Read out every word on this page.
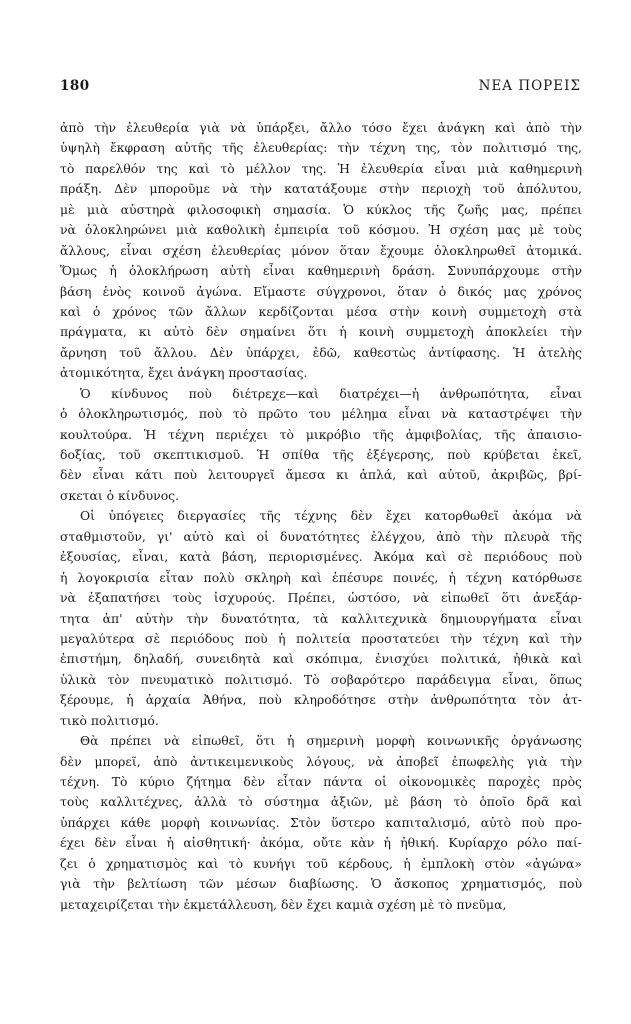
180	ΝΕΑ ΠΟΡΕΙΣ
ἀπὸ τὴν ἐλευθερία γιὰ νὰ ὑπάρξει, ἄλλο τόσο ἔχει ἀνάγκη καὶ ἀπὸ τὴν
ὑψηλὴ ἔκφραση αὐτῆς τῆς ἐλευθερίας: τὴν τέχνη της, τὸν πολιτισμό της,
τὸ παρελθόν της καὶ τὸ μέλλον της. Ἡ ἐλευθερία εἶναι μιὰ καθημερινὴ
πράξη. Δὲν μποροῦμε νὰ τὴν κατατάξουμε στὴν περιοχὴ τοῦ ἀπόλυτου,
μὲ μιὰ αὐστηρὰ φιλοσοφικὴ σημασία. Ὁ κύκλος τῆς ζωῆς μας, πρέπει
νὰ ὁλοκληρώνει μιὰ καθολικὴ ἐμπειρία τοῦ κόσμου. Ἡ σχέση μας μὲ τοὺς
ἄλλους, εἶναι σχέση ἐλευθερίας μόνον ὅταν ἔχουμε ὁλοκληρωθεῖ ἀτομικά.
Ὅμως ἡ ὁλοκλήρωση αὐτὴ εἶναι καθημερινὴ δράση. Συνυπάρχουμε στὴν
βάση ἑνὸς κοινοῦ ἀγώνα. Εἴμαστε σύγχρονοι, ὅταν ὁ δικός μας χρόνος
καὶ ὁ χρόνος τῶν ἄλλων κερδίζονται μέσα στὴν κοινὴ συμμετοχὴ στὰ
πράγματα, κι αὐτὸ δὲν σημαίνει ὅτι ἡ κοινὴ συμμετοχὴ ἀποκλείει τὴν
ἄρνηση τοῦ ἄλλου. Δὲν ὑπάρχει, ἐδῶ, καθεστὼς ἀντίφασης. Ἡ ἀτελὴς
ἀτομικότητα, ἔχει ἀνάγκη προστασίας.
Ὁ κίνδυνος ποὺ διέτρεχε—καὶ διατρέχει—ἡ ἀνθρωπότητα, εἶναι
ὁ ὁλοκληρωτισμός, ποὺ τὸ πρῶτο του μέλημα εἶναι νὰ καταστρέψει τὴν
κουλτούρα. Ἡ τέχνη περιέχει τὸ μικρόβιο τῆς ἀμφιβολίας, τῆς ἀπαισιο-
δοξίας, τοῦ σκεπτικισμοῦ. Ἡ σπίθα τῆς ἐξέγερσης, ποὺ κρύβεται ἐκεῖ,
δὲν εἶναι κάτι ποὺ λειτουργεῖ ἄμεσα κι ἁπλά, καὶ αὐτοῦ, ἀκριβῶς, βρί-
σκεται ὁ κίνδυνος.
Οἱ ὑπόγειες διεργασίες τῆς τέχνης δὲν ἔχει κατορθωθεῖ ἀκόμα νὰ
σταθμιστοῦν, γι' αὐτὸ καὶ οἱ δυνατότητες ἐλέγχου, ἀπὸ τὴν πλευρὰ τῆς
ἐξουσίας, εἶναι, κατὰ βάση, περιορισμένες. Ἀκόμα καὶ σὲ περιόδους ποὺ
ἡ λογοκρισία εἶταν πολὺ σκληρὴ καὶ ἐπέσυρε ποινές, ἡ τέχνη κατόρθωσε
νὰ ἐξαπατήσει τοὺς ἰσχυρούς. Πρέπει, ὡστόσο, νὰ εἰπωθεῖ ὅτι ἀνεξάρ-
τητα ἀπ' αὐτὴν τὴν δυνατότητα, τὰ καλλιτεχνικὰ δημιουργήματα εἶναι
μεγαλύτερα σὲ περιόδους ποὺ ἡ πολιτεία προστατεύει τὴν τέχνη καὶ τὴν
ἐπιστήμη, δηλαδή, συνειδητὰ καὶ σκόπιμα, ἐνισχύει πολιτικά, ἠθικὰ καὶ
ὑλικὰ τὸν πνευματικὸ πολιτισμό. Τὸ σοβαρότερο παράδειγμα εἶναι, ὅπως
ξέρουμε, ἡ ἀρχαία Ἀθήνα, ποὺ κληροδότησε στὴν ἀνθρωπότητα τὸν ἀτ-
τικὸ πολιτισμό.
Θὰ πρέπει νὰ εἰπωθεῖ, ὅτι ἡ σημερινὴ μορφὴ κοινωνικῆς ὀργάνωσης
δὲν μπορεῖ, ἀπὸ ἀντικειμενικοὺς λόγους, νὰ ἀποβεῖ ἐπωφελὴς γιὰ τὴν
τέχνη. Τὸ κύριο ζήτημα δὲν εἶταν πάντα οἱ οἰκονομικὲς παροχὲς πρὸς
τοὺς καλλιτέχνες, ἀλλὰ τὸ σύστημα ἀξιῶν, μὲ βάση τὸ ὁποῖο δρᾶ καὶ
ὑπάρχει κάθε μορφὴ κοινωνίας. Στὸν ὕστερο καπιταλισμό, αὐτὸ ποὺ προ-
έχει δὲν εἶναι ἡ αἰσθητική· ἀκόμα, οὔτε κὰν ἡ ἠθική. Κυρίαρχο ρόλο παί-
ζει ὁ χρηματισμὸς καὶ τὸ κυνήγι τοῦ κέρδους, ἡ ἐμπλοκὴ στὸν «ἀγώνα»
γιὰ τὴν βελτίωση τῶν μέσων διαβίωσης. Ὁ ἄσκοπος χρηματισμός, ποὺ
μεταχειρίζεται τὴν ἐκμετάλλευση, δὲν ἔχει καμιὰ σχέση μὲ τὸ πνεῦμα,
